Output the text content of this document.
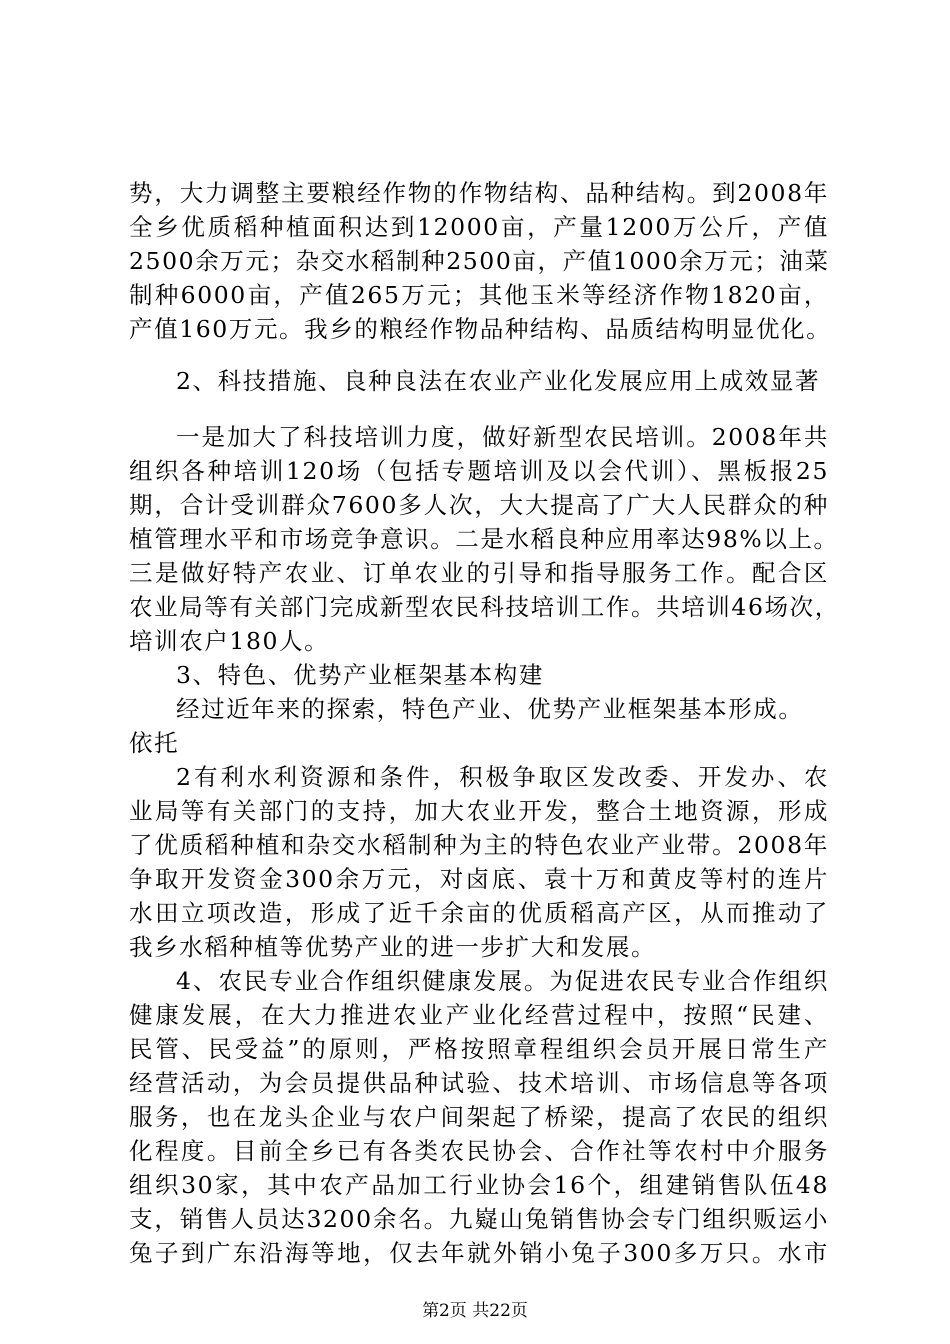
势，大力调整主要粮经作物的作物结构、品种结构。到2008年
全乡优质稻种植面积达到12000亩，产量1200万公斤，产值
2500余万元；杂交水稻制种2500亩，产值1000余万元；油菜
制种6000亩，产值265万元；其他玉米等经济作物1820亩，
产值160万元。我乡的粮经作物品种结构、品质结构明显优化。
2、科技措施、良种良法在农业产业化发展应用上成效显著
一是加大了科技培训力度，做好新型农民培训。2008年共
组织各种培训120场（包括专题培训及以会代训）、黑板报25
期，合计受训群众7600多人次，大大提高了广大人民群众的种
植管理水平和市场竞争意识。二是水稻良种应用率达98%以上。
三是做好特产农业、订单农业的引导和指导服务工作。配合区
农业局等有关部门完成新型农民科技培训工作。共培训46场次，
培训农户180人。
3、特色、优势产业框架基本构建
经过近年来的探索，特色产业、优势产业框架基本形成。
依托
2有利水利资源和条件，积极争取区发改委、开发办、农
业局等有关部门的支持，加大农业开发，整合土地资源，形成
了优质稻种植和杂交水稻制种为主的特色农业产业带。2008年
争取开发资金300余万元，对卤底、袁十万和黄皮等村的连片
水田立项改造，形成了近千余亩的优质稻高产区，从而推动了
我乡水稻种植等优势产业的进一步扩大和发展。
4、农民专业合作组织健康发展。为促进农民专业合作组织
健康发展，在大力推进农业产业化经营过程中，按照“民建、
民管、民受益”的原则，严格按照章程组织会员开展日常生产
经营活动，为会员提供品种试验、技术培训、市场信息等各项
服务，也在龙头企业与农户间架起了桥梁，提高了农民的组织
化程度。目前全乡已有各类农民协会、合作社等农村中介服务
组织30家，其中农产品加工行业协会16个，组建销售队伍48
支，销售人员达3200余名。九嶷山兔销售协会专门组织贩运小
兔子到广东沿海等地，仅去年就外销小兔子300多万只。水市
第2页 共22页
